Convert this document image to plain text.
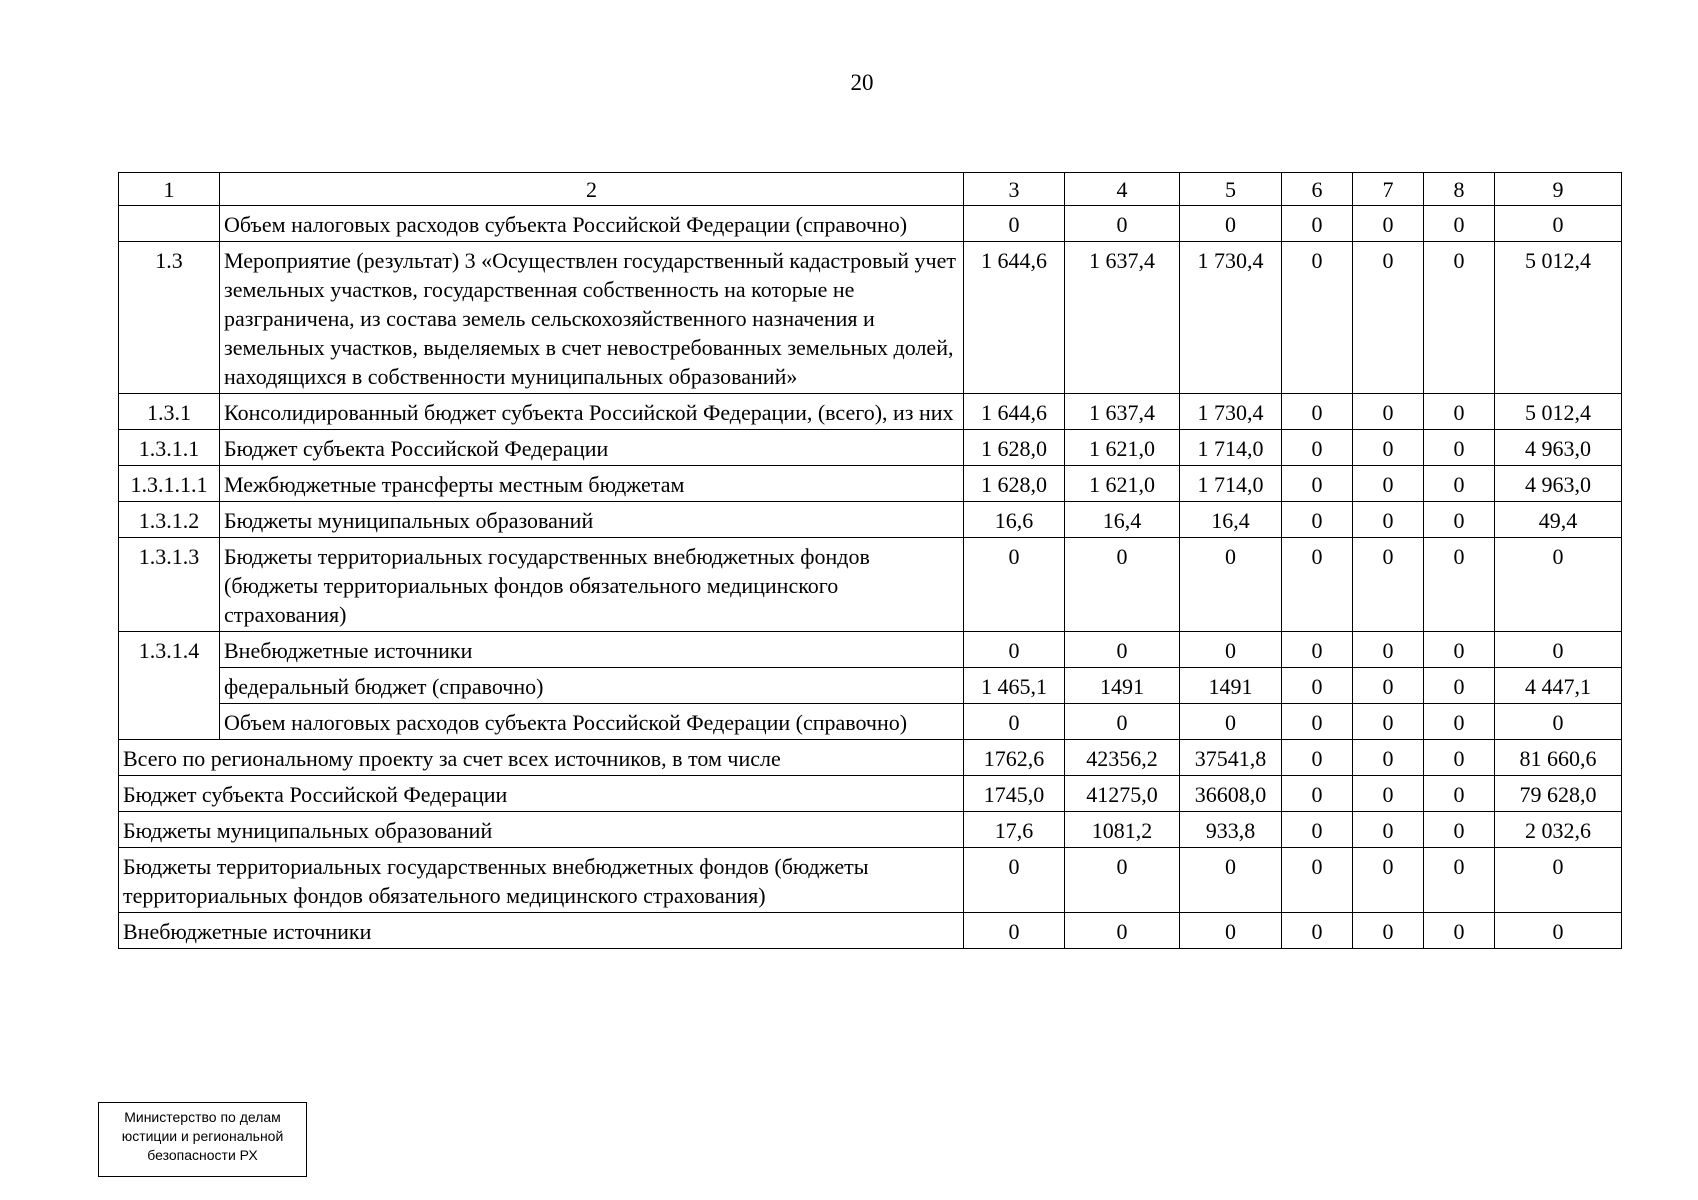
20
1	2	3	4	5	6	7	8	9
	Объем налоговых расходов субъекта Российской Федерации (справочно)	0	0	0	0	0	0	0
1.3	Мероприятие (результат) 3 «Осуществлен государственный кадастровый учет земельных участков, государственная собственность на которые не разграничена, из состава земель сельскохозяйственного назначения и земельных участков, выделяемых в счет невостребованных земельных долей, находящихся в собственности муниципальных образований»	1 644,6	1 637,4	1 730,4	0	0	0	5 012,4
1.3.1	Консолидированный бюджет субъекта Российской Федерации, (всего), из них	1 644,6	1 637,4	1 730,4	0	0	0	5 012,4
1.3.1.1	Бюджет субъекта Российской Федерации	1 628,0	1 621,0	1 714,0	0	0	0	4 963,0
1.3.1.1.1	Межбюджетные трансферты местным бюджетам	1 628,0	1 621,0	1 714,0	0	0	0	4 963,0
1.3.1.2	Бюджеты муниципальных образований	16,6	16,4	16,4	0	0	0	49,4
1.3.1.3	Бюджеты территориальных государственных внебюджетных фондов (бюджеты территориальных фондов обязательного медицинского страхования)	0	0	0	0	0	0	0
1.3.1.4	Внебюджетные источники	0	0	0	0	0	0	0
	федеральный бюджет (справочно)	1 465,1	1491	1491	0	0	0	4 447,1
	Объем налоговых расходов субъекта Российской Федерации (справочно)	0	0	0	0	0	0	0
Всего по региональному проекту за счет всех источников, в том числе		1762,6	42356,2	37541,8	0	0	0	81 660,6
Бюджет субъекта Российской Федерации		1745,0	41275,0	36608,0	0	0	0	79 628,0
Бюджеты муниципальных образований		17,6	1081,2	933,8	0	0	0	2 032,6
Бюджеты территориальных государственных внебюджетных фондов (бюджеты территориальных фондов обязательного медицинского страхования)		0	0	0	0	0	0	0
Внебюджетные источники		0	0	0	0	0	0	0
Министерство по делам
юстиции и региональной
безопасности РХ
